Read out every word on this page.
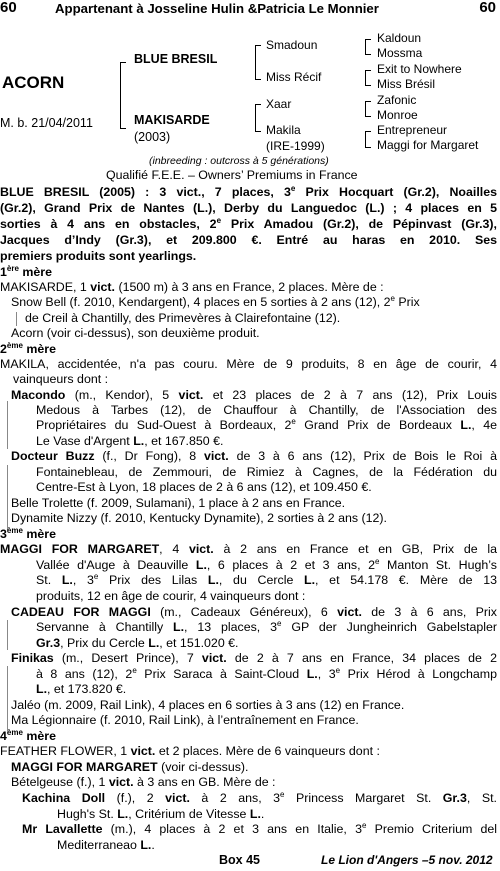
60	Appartenant à Josseline Hulin &Patricia Le Monnier	60
ACORN
M. b. 21/04/2011
BLUE BRESIL
MAKISARDE
(2003)
Smadoun
Miss Récif
Xaar
Makila
(IRE-1999)
Kaldoun
Mossma
Exit to Nowhere
Miss Brésil
Zafonic
Monroe
Entrepreneur
Maggi for Margaret
(inbreeding : outcross à 5 générations)
Qualifié F.E.E. – Owners’ Premiums in France
BLUE BRESIL (2005) : 3 vict., 7 places, 3e Prix Hocquart (Gr.2), Noailles
(Gr.2), Grand Prix de Nantes (L.), Derby du Languedoc (L.) ; 4 places en 5
sorties à 4 ans en obstacles, 2e Prix Amadou (Gr.2), de Pépinvast (Gr.3),
Jacques d’Indy (Gr.3), et 209.800 €. Entré au haras en 2010. Ses
premiers produits sont yearlings.
1ère mère
MAKISARDE, 1 vict. (1500 m) à 3 ans en France, 2 places. Mère de :
Snow Bell (f. 2010, Kendargent), 4 places en 5 sorties à 2 ans (12), 2e Prix
de Creil à Chantilly, des Primevères à Clairefontaine (12).
Acorn (voir ci-dessus), son deuxième produit.
2ème mère
MAKILA, accidentée, n'a pas couru. Mère de 9 produits, 8 en âge de courir, 4
vainqueurs dont :
Macondo (m., Kendor), 5 vict. et 23 places de 2 à 7 ans (12), Prix Louis
Medous à Tarbes (12), de Chauffour à Chantilly, de l'Association des
Propriétaires du Sud-Ouest à Bordeaux, 2e Grand Prix de Bordeaux L., 4e
Le Vase d'Argent L., et 167.850 €.
Docteur Buzz (f., Dr Fong), 8 vict. de 3 à 6 ans (12), Prix de Bois le Roi à
Fontainebleau, de Zemmouri, de Rimiez à Cagnes, de la Fédération du
Centre-Est à Lyon, 18 places de 2 à 6 ans (12), et 109.450 €.
Belle Trolette (f. 2009, Sulamani), 1 place à 2 ans en France.
Dynamite Nizzy (f. 2010, Kentucky Dynamite), 2 sorties à 2 ans (12).
3ème mère
MAGGI FOR MARGARET, 4 vict. à 2 ans en France et en GB, Prix de la
Vallée d'Auge à Deauville L., 6 places à 2 et 3 ans, 2e Manton St. Hugh’s
St. L., 3e Prix des Lilas L., du Cercle L., et 54.178 €. Mère de 13
produits, 12 en âge de courir, 4 vainqueurs dont :
CADEAU FOR MAGGI (m., Cadeaux Généreux), 6 vict. de 3 à 6 ans, Prix
Servanne à Chantilly L., 13 places, 3e GP der Jungheinrich Gabelstapler
Gr.3, Prix du Cercle L., et 151.020 €.
Finikas (m., Desert Prince), 7 vict. de 2 à 7 ans en France, 34 places de 2
à 8 ans (12), 2e Prix Saraca à Saint-Cloud L., 3e Prix Hérod à Longchamp
L., et 173.820 €.
Jaléo (m. 2009, Rail Link), 4 places en 6 sorties à 3 ans (12) en France.
Ma Légionnaire (f. 2010, Rail Link), à l’entraînement en France.
4ème mère
FEATHER FLOWER, 1 vict. et 2 places. Mère de 6 vainqueurs dont :
MAGGI FOR MARGARET (voir ci-dessus).
Bételgeuse (f.), 1 vict. à 3 ans en GB. Mère de :
Kachina Doll (f.), 2 vict. à 2 ans, 3e Princess Margaret St. Gr.3, St.
Hugh's St. L., Critérium de Vitesse L..
Mr Lavallette (m.), 4 places à 2 et 3 ans en Italie, 3e Premio Criterium del
Mediterraneao L..
Box 45	Le Lion d'Angers –5 nov. 2012
